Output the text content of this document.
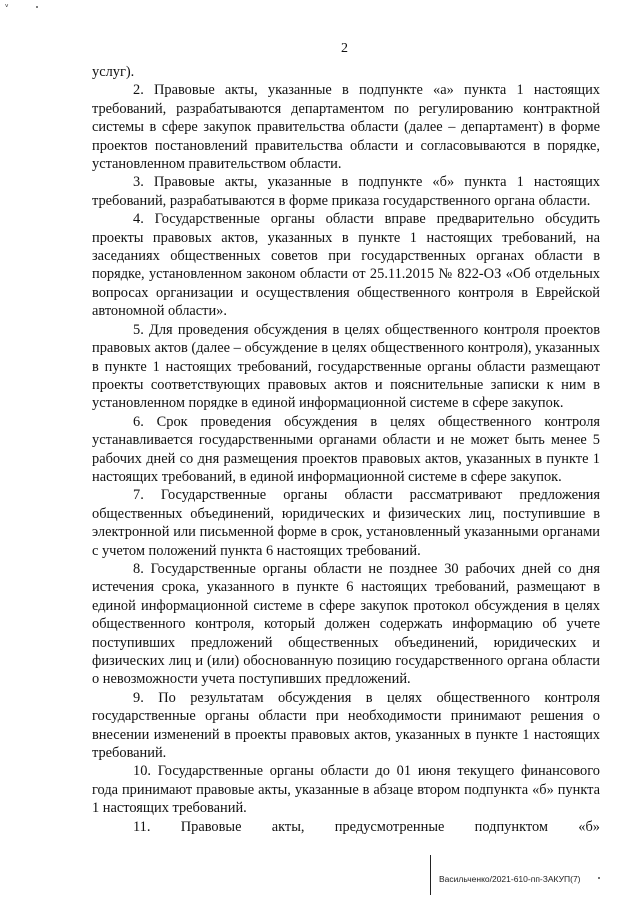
ᵛ
2

услуг).

2. Правовые акты, указанные в подпункте «а» пункта 1 настоящих требований, разрабатываются департаментом по регулированию контрактной системы в сфере закупок правительства области (далее – департамент) в форме проектов постановлений правительства области и согласовываются в порядке, установленном правительством области.

3. Правовые акты, указанные в подпункте «б» пункта 1 настоящих требований, разрабатываются в форме приказа государственного органа области.

4. Государственные органы области вправе предварительно обсудить проекты правовых актов, указанных в пункте 1 настоящих требований, на заседаниях общественных советов при государственных органах области в порядке, установленном законом области от 25.11.2015 № 822-ОЗ «Об отдельных вопросах организации и осуществления общественного контроля в Еврейской автономной области».

5. Для проведения обсуждения в целях общественного контроля проектов правовых актов (далее – обсуждение в целях общественного контроля), указанных в пункте 1 настоящих требований, государственные органы области размещают проекты соответствующих правовых актов и пояснительные записки к ним в установленном порядке в единой информационной системе в сфере закупок.

6. Срок проведения обсуждения в целях общественного контроля устанавливается государственными органами области и не может быть менее 5 рабочих дней со дня размещения проектов правовых актов, указанных в пункте 1 настоящих требований, в единой информационной системе в сфере закупок.

7. Государственные органы области рассматривают предложения общественных объединений, юридических и физических лиц, поступившие в электронной или письменной форме в срок, установленный указанными органами с учетом положений пункта 6 настоящих требований.

8. Государственные органы области не позднее 30 рабочих дней со дня истечения срока, указанного в пункте 6 настоящих требований, размещают в единой информационной системе в сфере закупок протокол обсуждения в целях общественного контроля, который должен содержать информацию об учете поступивших предложений общественных объединений, юридических и физических лиц и (или) обоснованную позицию государственного органа области о невозможности учета поступивших предложений.

9. По результатам обсуждения в целях общественного контроля государственные органы области при необходимости принимают решения о внесении изменений в проекты правовых актов, указанных в пункте 1 настоящих требований.

10. Государственные органы области до 01 июня текущего финансового года принимают правовые акты, указанные в абзаце втором подпункта «б» пункта 1 настоящих требований.

11. Правовые акты, предусмотренные подпунктом «б»

Васильченко/2021-610-пп-ЗАКУП(7)
